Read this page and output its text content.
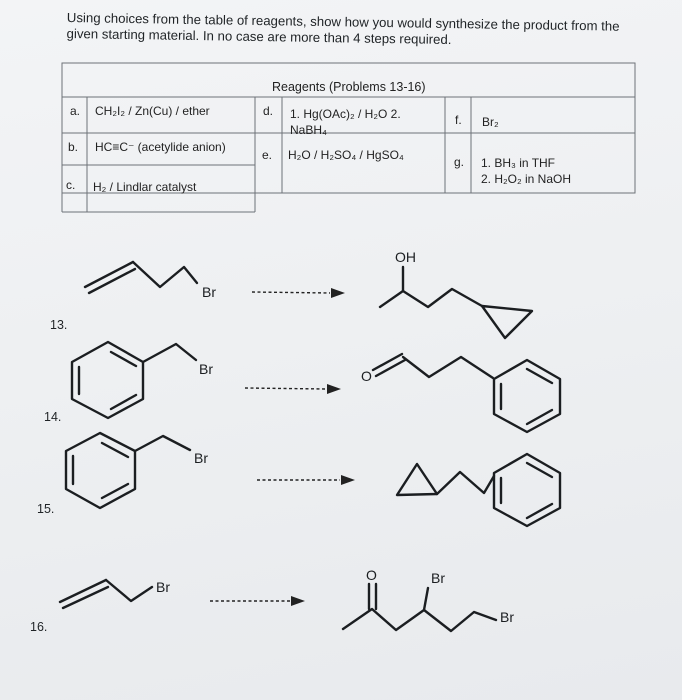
Using choices from the table of reagents, show how you would synthesize the product from the given starting material. In no case are more than 4 steps required.
Reagents (Problems 13-16)
a. CH₂I₂ / Zn(Cu) / ether
b. HC≡C⁻ (acetylide anion)
c. H₂ / Lindlar catalyst
d. 1. Hg(OAc)₂ / H₂O 2.
NaBH₄
e. H₂O / H₂SO₄ / HgSO₄
f. Br₂
g. 1. BH₃ in THF
2. H₂O₂ in NaOH
13.
14.
15.
16.
Br
OH
Br	O
Br
Br
O	Br
Br
